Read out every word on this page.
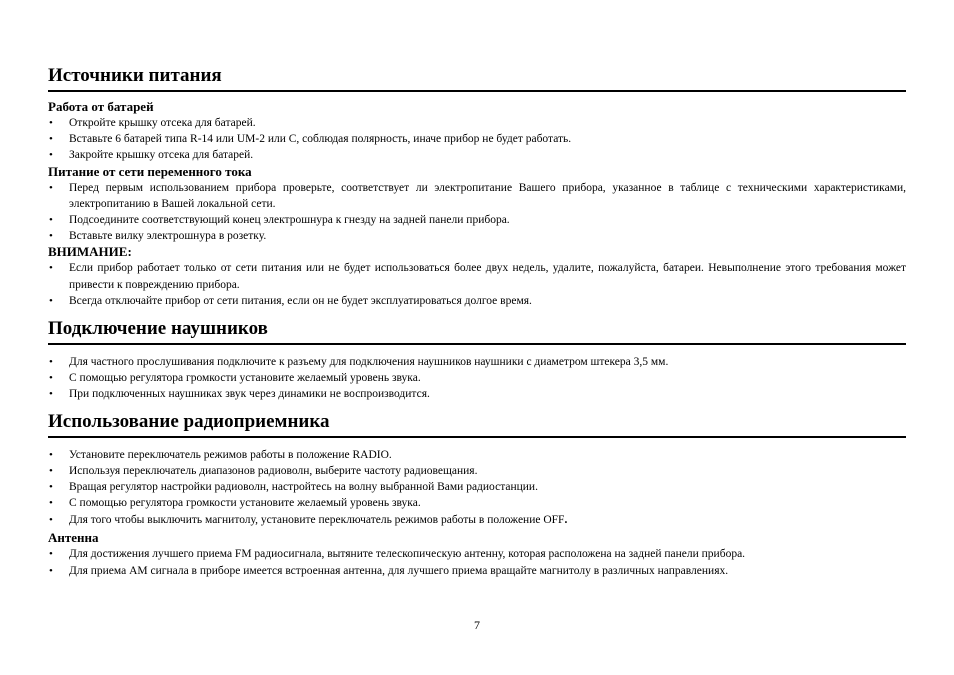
Источники питания
Работа от батарей
• Откройте крышку отсека для батарей.
• Вставьте 6 батарей типа R-14 или UM-2 или C, соблюдая полярность, иначе прибор не будет работать.
• Закройте крышку отсека для батарей.
Питание от сети переменного тока
• Перед первым использованием прибора проверьте, соответствует ли электропитание Вашего прибора, указанное в таблице с техническими характеристиками, электропитанию в Вашей локальной сети.
• Подсоедините соответствующий конец электрошнура к гнезду на задней панели прибора.
• Вставьте вилку электрошнура в розетку.
ВНИМАНИЕ:
• Если прибор работает только от сети питания или не будет использоваться более двух недель, удалите, пожалуйста, батареи. Невыполнение этого требования может привести к повреждению прибора.
• Всегда отключайте прибор от сети питания, если он не будет эксплуатироваться долгое время.
Подключение наушников
• Для частного прослушивания подключите к разъему для подключения наушников наушники с диаметром штекера 3,5 мм.
• С помощью регулятора громкости установите желаемый уровень звука.
• При подключенных наушниках звук через динамики не воспроизводится.
Использование радиоприемника
• Установите переключатель режимов работы в положение RADIO.
• Используя переключатель диапазонов радиоволн, выберите частоту радиовещания.
• Вращая регулятор настройки радиоволн, настройтесь на волну выбранной Вами радиостанции.
• С помощью регулятора громкости установите желаемый уровень звука.
• Для того чтобы выключить магнитолу, установите переключатель режимов работы в положение OFF.
Антенна
• Для достижения лучшего приема FM радиосигнала, вытяните телескопическую антенну, которая расположена на задней панели прибора.
• Для приема AM сигнала в приборе имеется встроенная антенна, для лучшего приема вращайте магнитолу в различных направлениях.
7
